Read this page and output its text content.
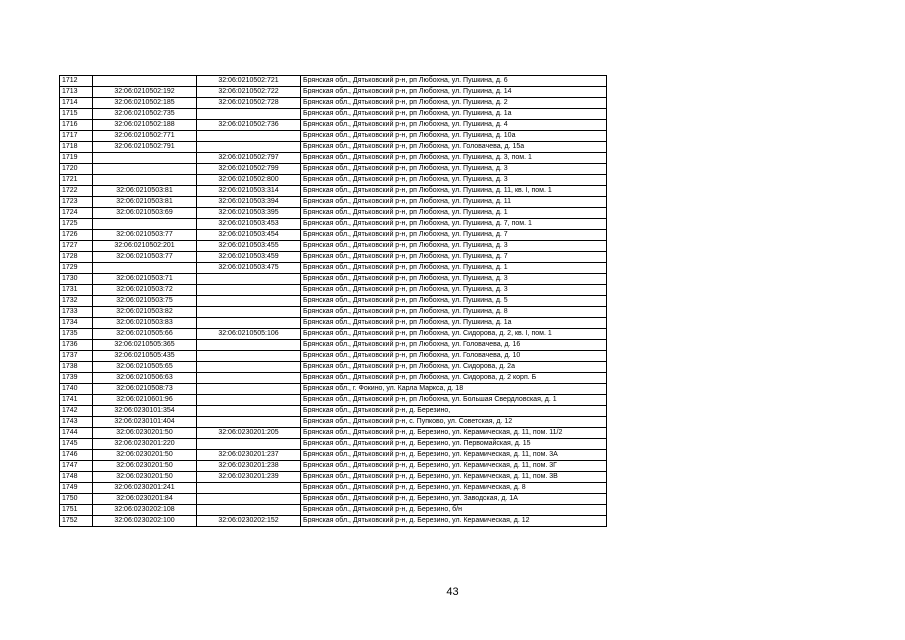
1712		32:06:0210502:721	Брянская обл., Дятьковский р-н, рп Любохна, ул. Пушкина, д. 6
1713	32:06:0210502:192	32:06:0210502:722	Брянская обл., Дятьковский р-н, рп Любохна, ул. Пушкина, д. 14
1714	32:06:0210502:185	32:06:0210502:728	Брянская обл., Дятьковский р-н, рп Любохна, ул. Пушкина, д. 2
1715	32:06:0210502:735		Брянская обл., Дятьковский р-н, рп Любохна, ул. Пушкина, д. 1а
1716	32:06:0210502:188	32:06:0210502:736	Брянская обл., Дятьковский р-н, рп Любохна, ул. Пушкина, д. 4
1717	32:06:0210502:771		Брянская обл., Дятьковский р-н, рп Любохна, ул. Пушкина, д. 10а
1718	32:06:0210502:791		Брянская обл., Дятьковский р-н, рп Любохна, ул. Головачева, д. 15а
1719		32:06:0210502:797	Брянская обл., Дятьковский р-н, рп Любохна, ул. Пушкина, д. 3, пом. 1
1720		32:06:0210502:799	Брянская обл., Дятьковский р-н, рп Любохна, ул. Пушкина, д. 3
1721		32:06:0210502:800	Брянская обл., Дятьковский р-н, рп Любохна, ул. Пушкина, д. 3
1722	32:06:0210503:81	32:06:0210503:314	Брянская обл., Дятьковский р-н, рп Любохна, ул. Пушкина, д. 11, кв. I, пом. 1
1723	32:06:0210503:81	32:06:0210503:394	Брянская обл., Дятьковский р-н, рп Любохна, ул. Пушкина, д. 11
1724	32:06:0210503:69	32:06:0210503:395	Брянская обл., Дятьковский р-н, рп Любохна, ул. Пушкина, д. 1
1725		32:06:0210503:453	Брянская обл., Дятьковский р-н, рп Любохна, ул. Пушкина, д. 7, пом. 1
1726	32:06:0210503:77	32:06:0210503:454	Брянская обл., Дятьковский р-н, рп Любохна, ул. Пушкина, д. 7
1727	32:06:0210502:201	32:06:0210503:455	Брянская обл., Дятьковский р-н, рп Любохна, ул. Пушкина, д. 3
1728	32:06:0210503:77	32:06:0210503:459	Брянская обл., Дятьковский р-н, рп Любохна, ул. Пушкина, д. 7
1729		32:06:0210503:475	Брянская обл., Дятьковский р-н, рп Любохна, ул. Пушкина, д. 1
1730	32:06:0210503:71		Брянская обл., Дятьковский р-н, рп Любохна, ул. Пушкина, д. 3
1731	32:06:0210503:72		Брянская обл., Дятьковский р-н, рп Любохна, ул. Пушкина, д. 3
1732	32:06:0210503:75		Брянская обл., Дятьковский р-н, рп Любохна, ул. Пушкина, д. 5
1733	32:06:0210503:82		Брянская обл., Дятьковский р-н, рп Любохна, ул. Пушкина, д. 8
1734	32:06:0210503:83		Брянская обл., Дятьковский р-н, рп Любохна, ул. Пушкина, д. 1а
1735	32:06:0210505:66	32:06:0210505:106	Брянская обл., Дятьковский р-н, рп Любохна, ул. Сидорова, д. 2, кв. I, пом. 1
1736	32:06:0210505:365		Брянская обл., Дятьковский р-н, рп Любохна, ул. Головачева, д. 16
1737	32:06:0210505:435		Брянская обл., Дятьковский р-н, рп Любохна, ул. Головачева, д. 10
1738	32:06:0210505:65		Брянская обл., Дятьковский р-н, рп Любохна, ул. Сидорова, д. 2а
1739	32:06:0210506:63		Брянская обл., Дятьковский р-н, рп Любохна, ул. Сидорова, д. 2 корп. Б
1740	32:06:0210508:73		Брянская обл., г. Фокино, ул. Карла Маркса, д. 18
1741	32:06:0210601:96		Брянская обл., Дятьковский р-н, рп Любохна, ул. Большая Свердловская, д. 1
1742	32:06:0230101:354		Брянская обл., Дятьковский р-н, д. Березино,
1743	32:06:0230101:404		Брянская обл., Дятьковский р-н, с. Пупково, ул. Советская, д. 12
1744	32:06:0230201:50	32:06:0230201:205	Брянская обл., Дятьковский р-н, д. Березино, ул. Керамическая, д. 11, пом. 11/2
1745	32:06:0230201:220		Брянская обл., Дятьковский р-н, д. Березино, ул. Первомайская, д. 15
1746	32:06:0230201:50	32:06:0230201:237	Брянская обл., Дятьковский р-н, д. Березино, ул. Керамическая, д. 11, пом. 3А
1747	32:06:0230201:50	32:06:0230201:238	Брянская обл., Дятьковский р-н, д. Березино, ул. Керамическая, д. 11, пом. 3Г
1748	32:06:0230201:50	32:06:0230201:239	Брянская обл., Дятьковский р-н, д. Березино, ул. Керамическая, д. 11, пом. 3В
1749	32:06:0230201:241		Брянская обл., Дятьковский р-н, д. Березино, ул. Керамическая, д. 8
1750	32:06:0230201:84		Брянская обл., Дятьковский р-н, д. Березино, ул. Заводская, д. 1А
1751	32:06:0230202:108		Брянская обл., Дятьковский р-н, д. Березино, б/н
1752	32:06:0230202:100	32:06:0230202:152	Брянская обл., Дятьковский р-н, д. Березино, ул. Керамическая, д. 12
43
